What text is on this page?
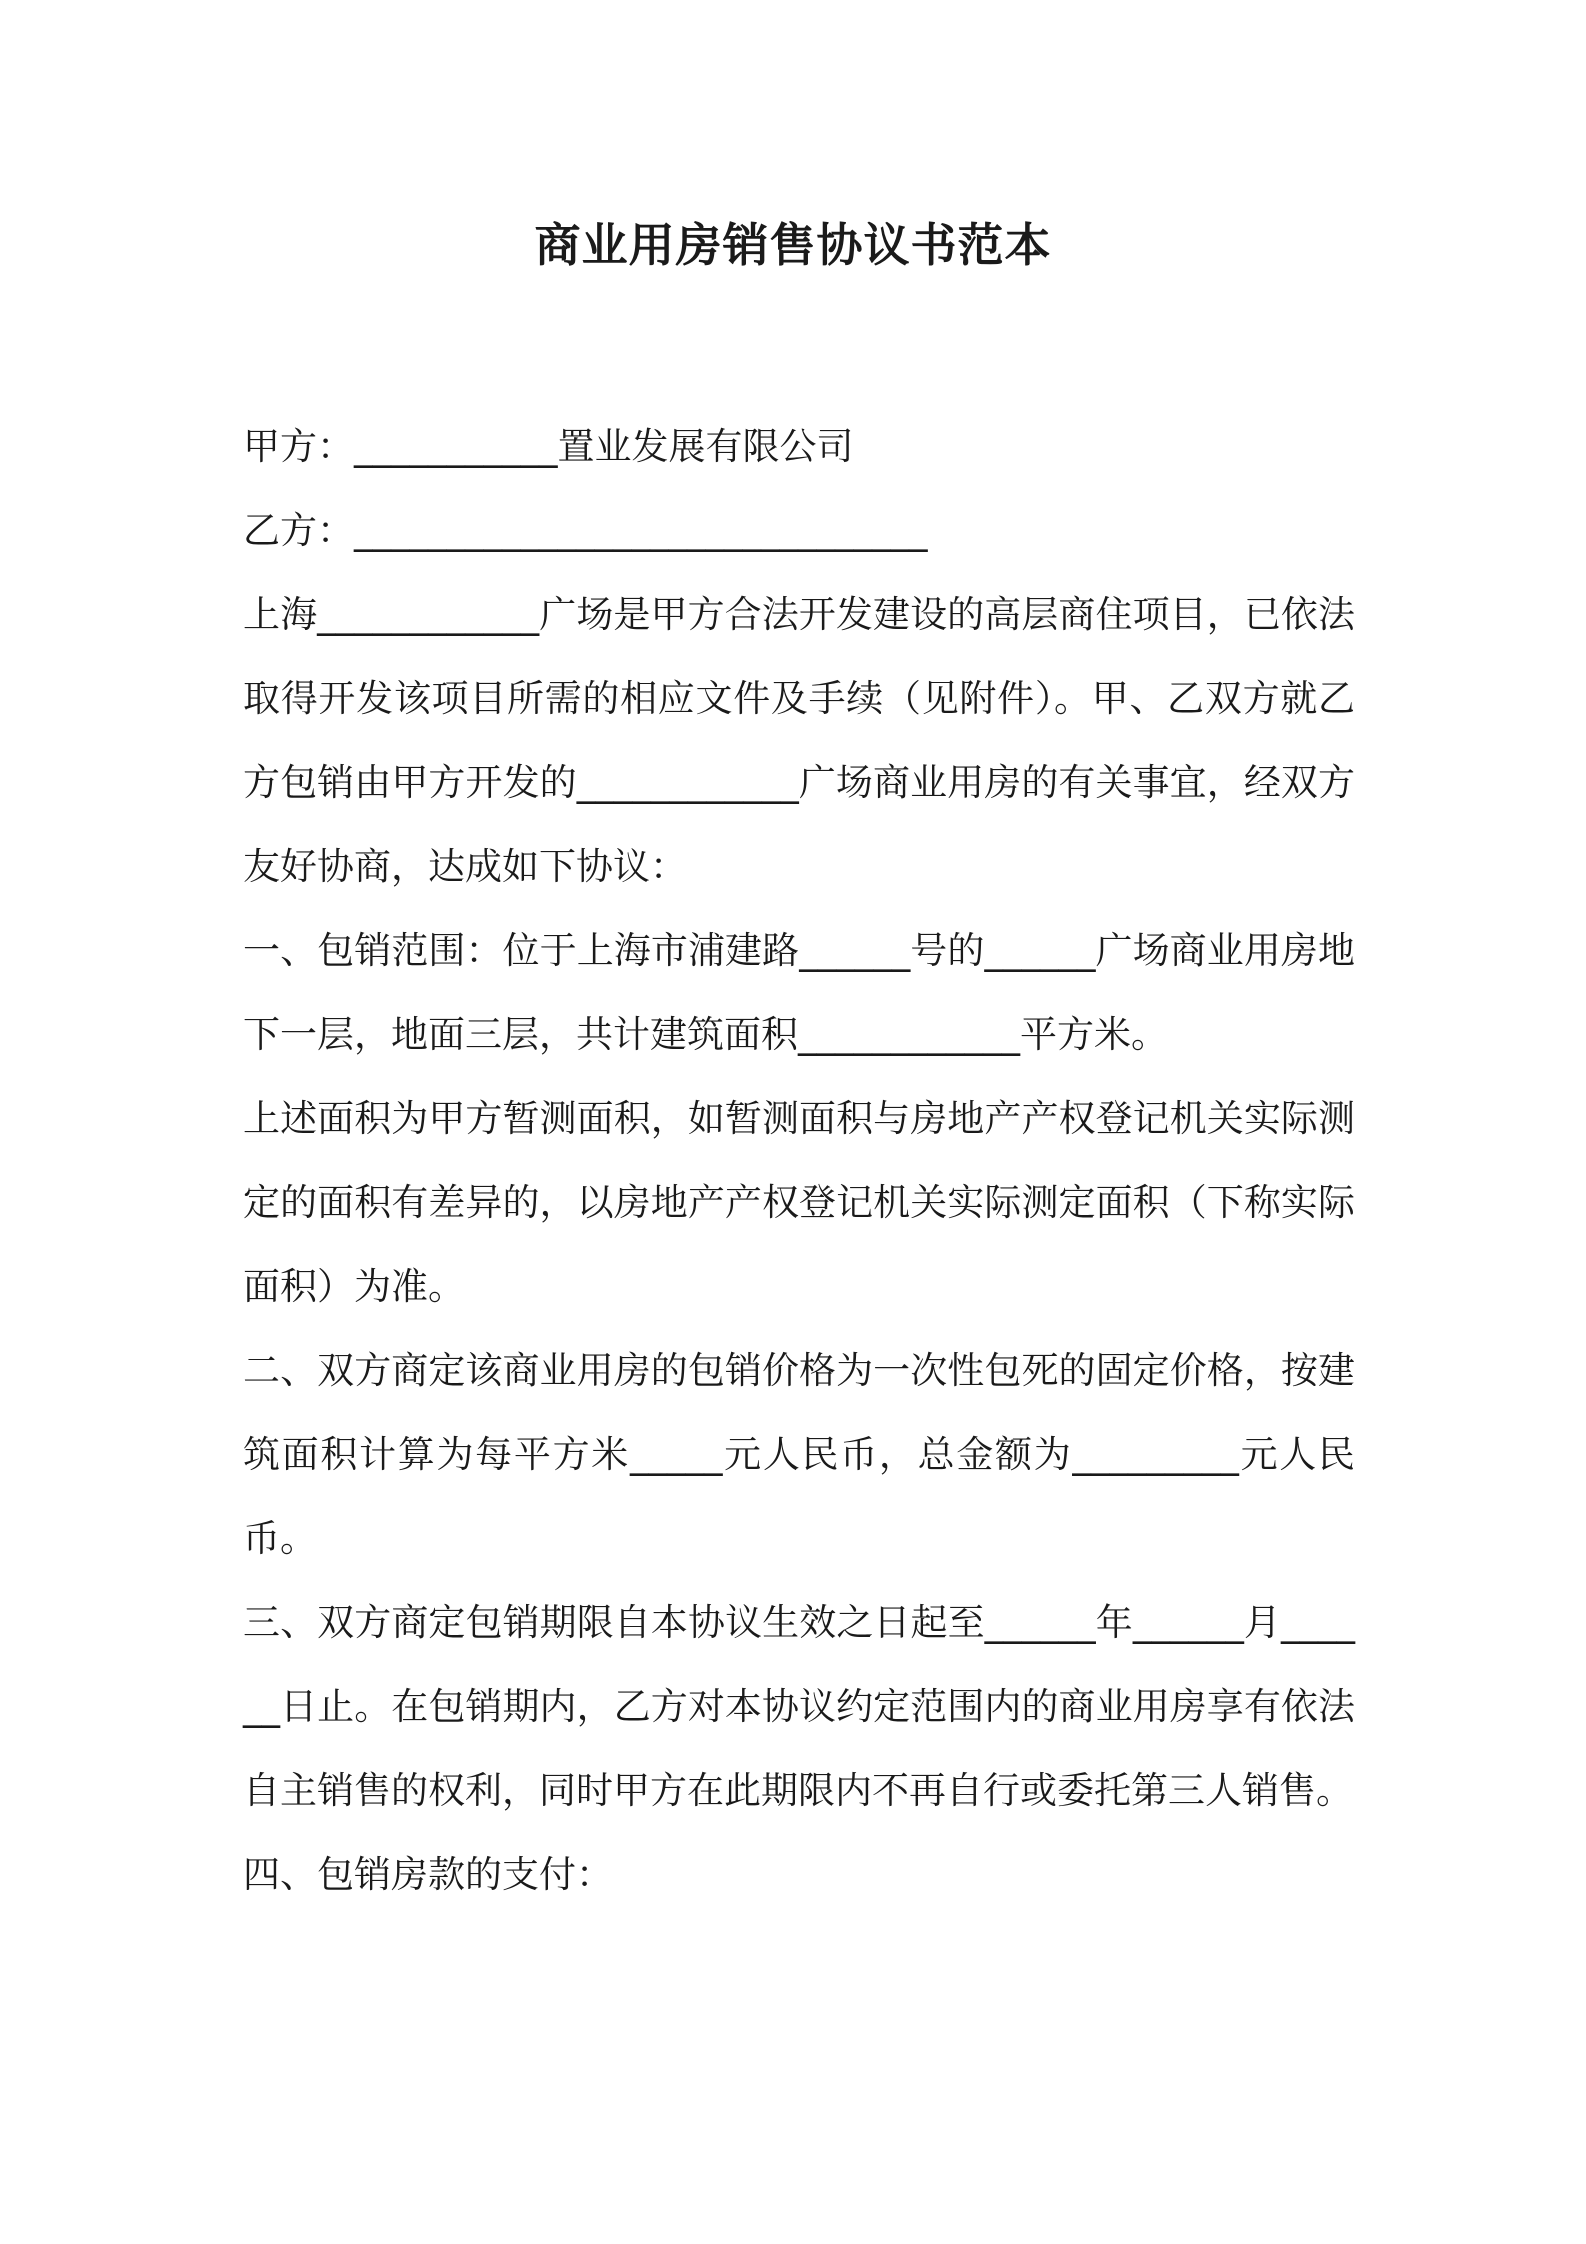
商业用房销售协议书范本

甲方：___________置业发展有限公司

乙方：_______________________________

上海____________广场是甲方合法开发建设的高层商住项目，已依法取得开发该项目所需的相应文件及手续（见附件）。甲、乙双方就乙方包销由甲方开发的____________广场商业用房的有关事宜，经双方友好协商，达成如下协议：

一、包销范围：位于上海市浦建路______号的______广场商业用房地下一层，地面三层，共计建筑面积____________平方米。

上述面积为甲方暂测面积，如暂测面积与房地产产权登记机关实际测定的面积有差异的，以房地产产权登记机关实际测定面积（下称实际面积）为准。

二、双方商定该商业用房的包销价格为一次性包死的固定价格，按建筑面积计算为每平方米_____元人民币，总金额为_________元人民币。

三、双方商定包销期限自本协议生效之日起至______年______月______日止。在包销期内，乙方对本协议约定范围内的商业用房享有依法自主销售的权利，同时甲方在此期限内不再自行或委托第三人销售。

四、包销房款的支付：
